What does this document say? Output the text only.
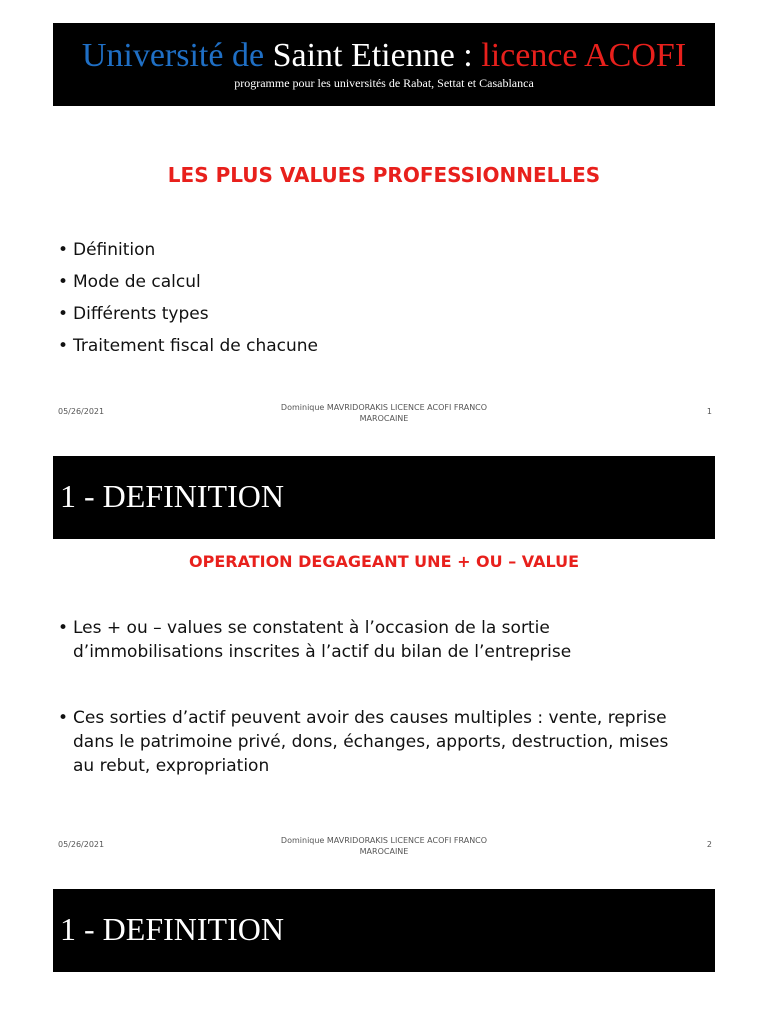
Université de Saint Etienne : licence ACOFI
programme pour les universités de Rabat, Settat et Casablanca
LES PLUS VALUES PROFESSIONNELLES
• Définition
• Mode de calcul
• Différents types
• Traitement fiscal de chacune
05/26/2021	Dominique MAVRIDORAKIS LICENCE ACOFI FRANCO
MAROCAINE
1
1 - DEFINITION
OPERATION DEGAGEANT UNE + OU – VALUE
• Les + ou – values se constatent à l’occasion de la sortie
d’immobilisations inscrites à l’actif du bilan de l’entreprise
• Ces sorties d’actif peuvent avoir des causes multiples : vente, reprise
dans le patrimoine privé, dons, échanges, apports, destruction, mises
au rebut, expropriation
05/26/2021	Dominique MAVRIDORAKIS LICENCE ACOFI FRANCO
MAROCAINE
2
1 - DEFINITION
